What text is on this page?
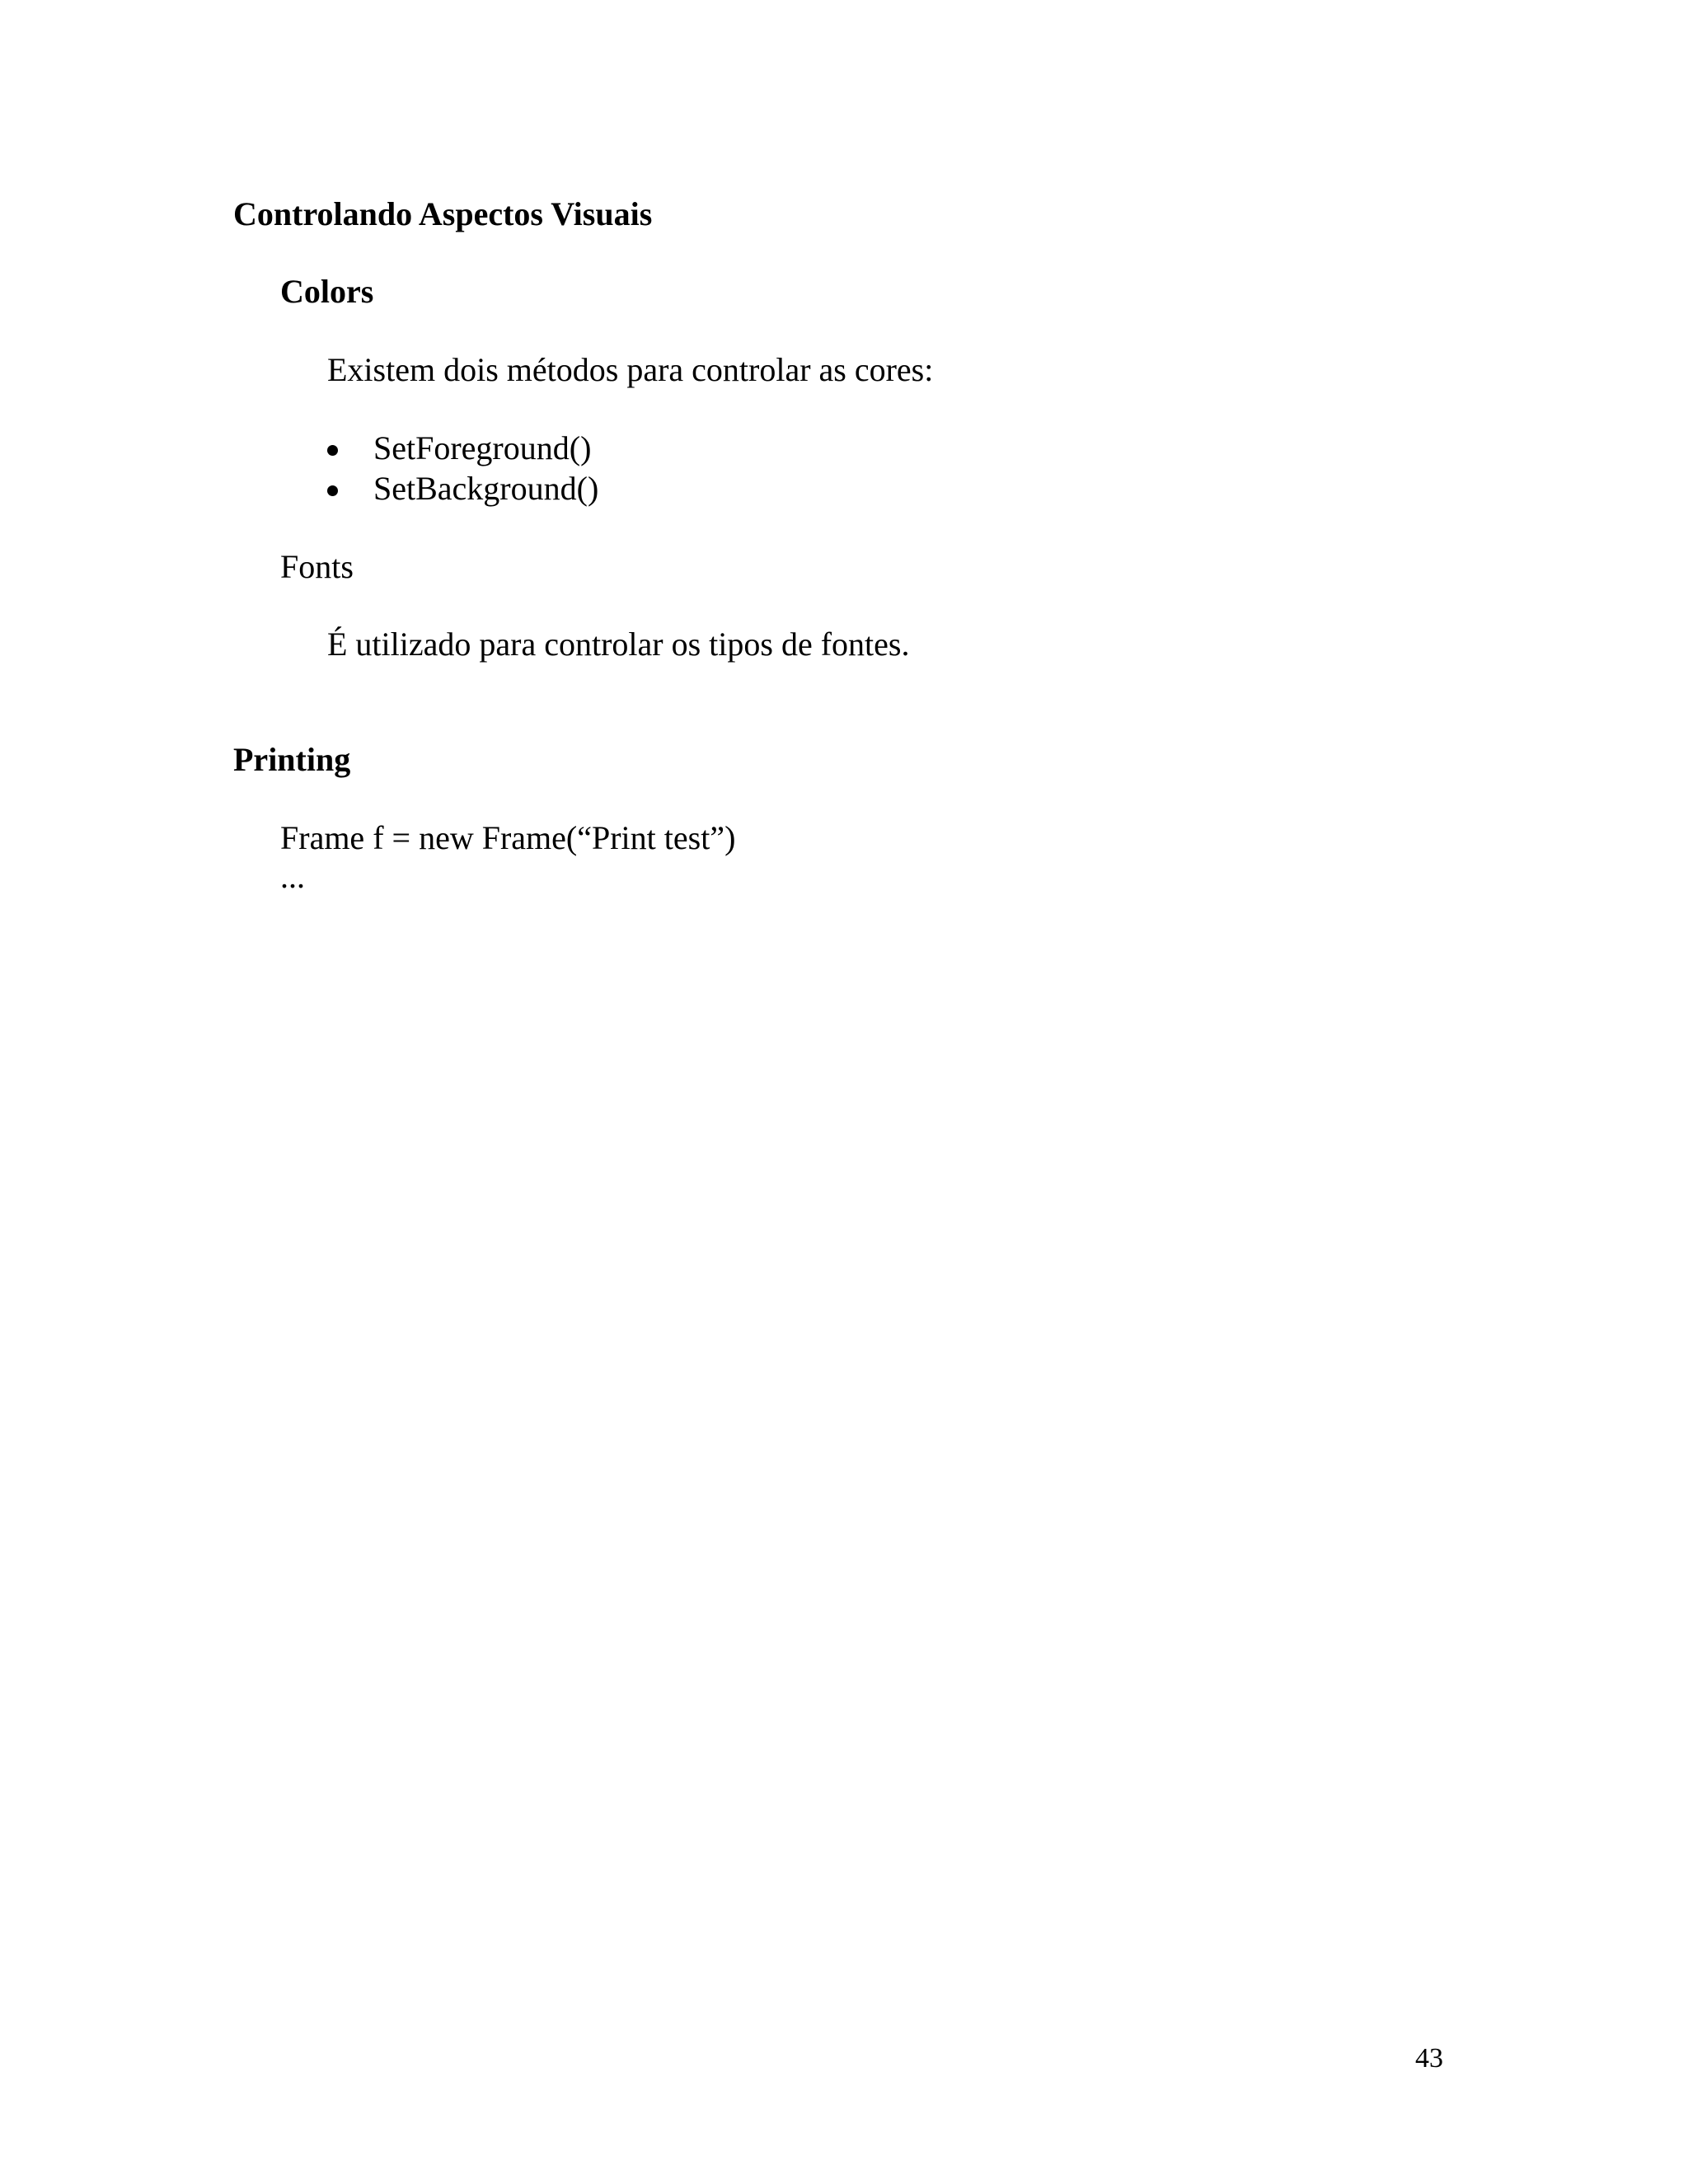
Controlando Aspectos Visuais
Colors
Existem dois métodos para controlar as cores:
SetForeground()
SetBackground()
Fonts
É utilizado para controlar os tipos de fontes.
Printing
Frame f = new Frame(“Print test”)
...
43
